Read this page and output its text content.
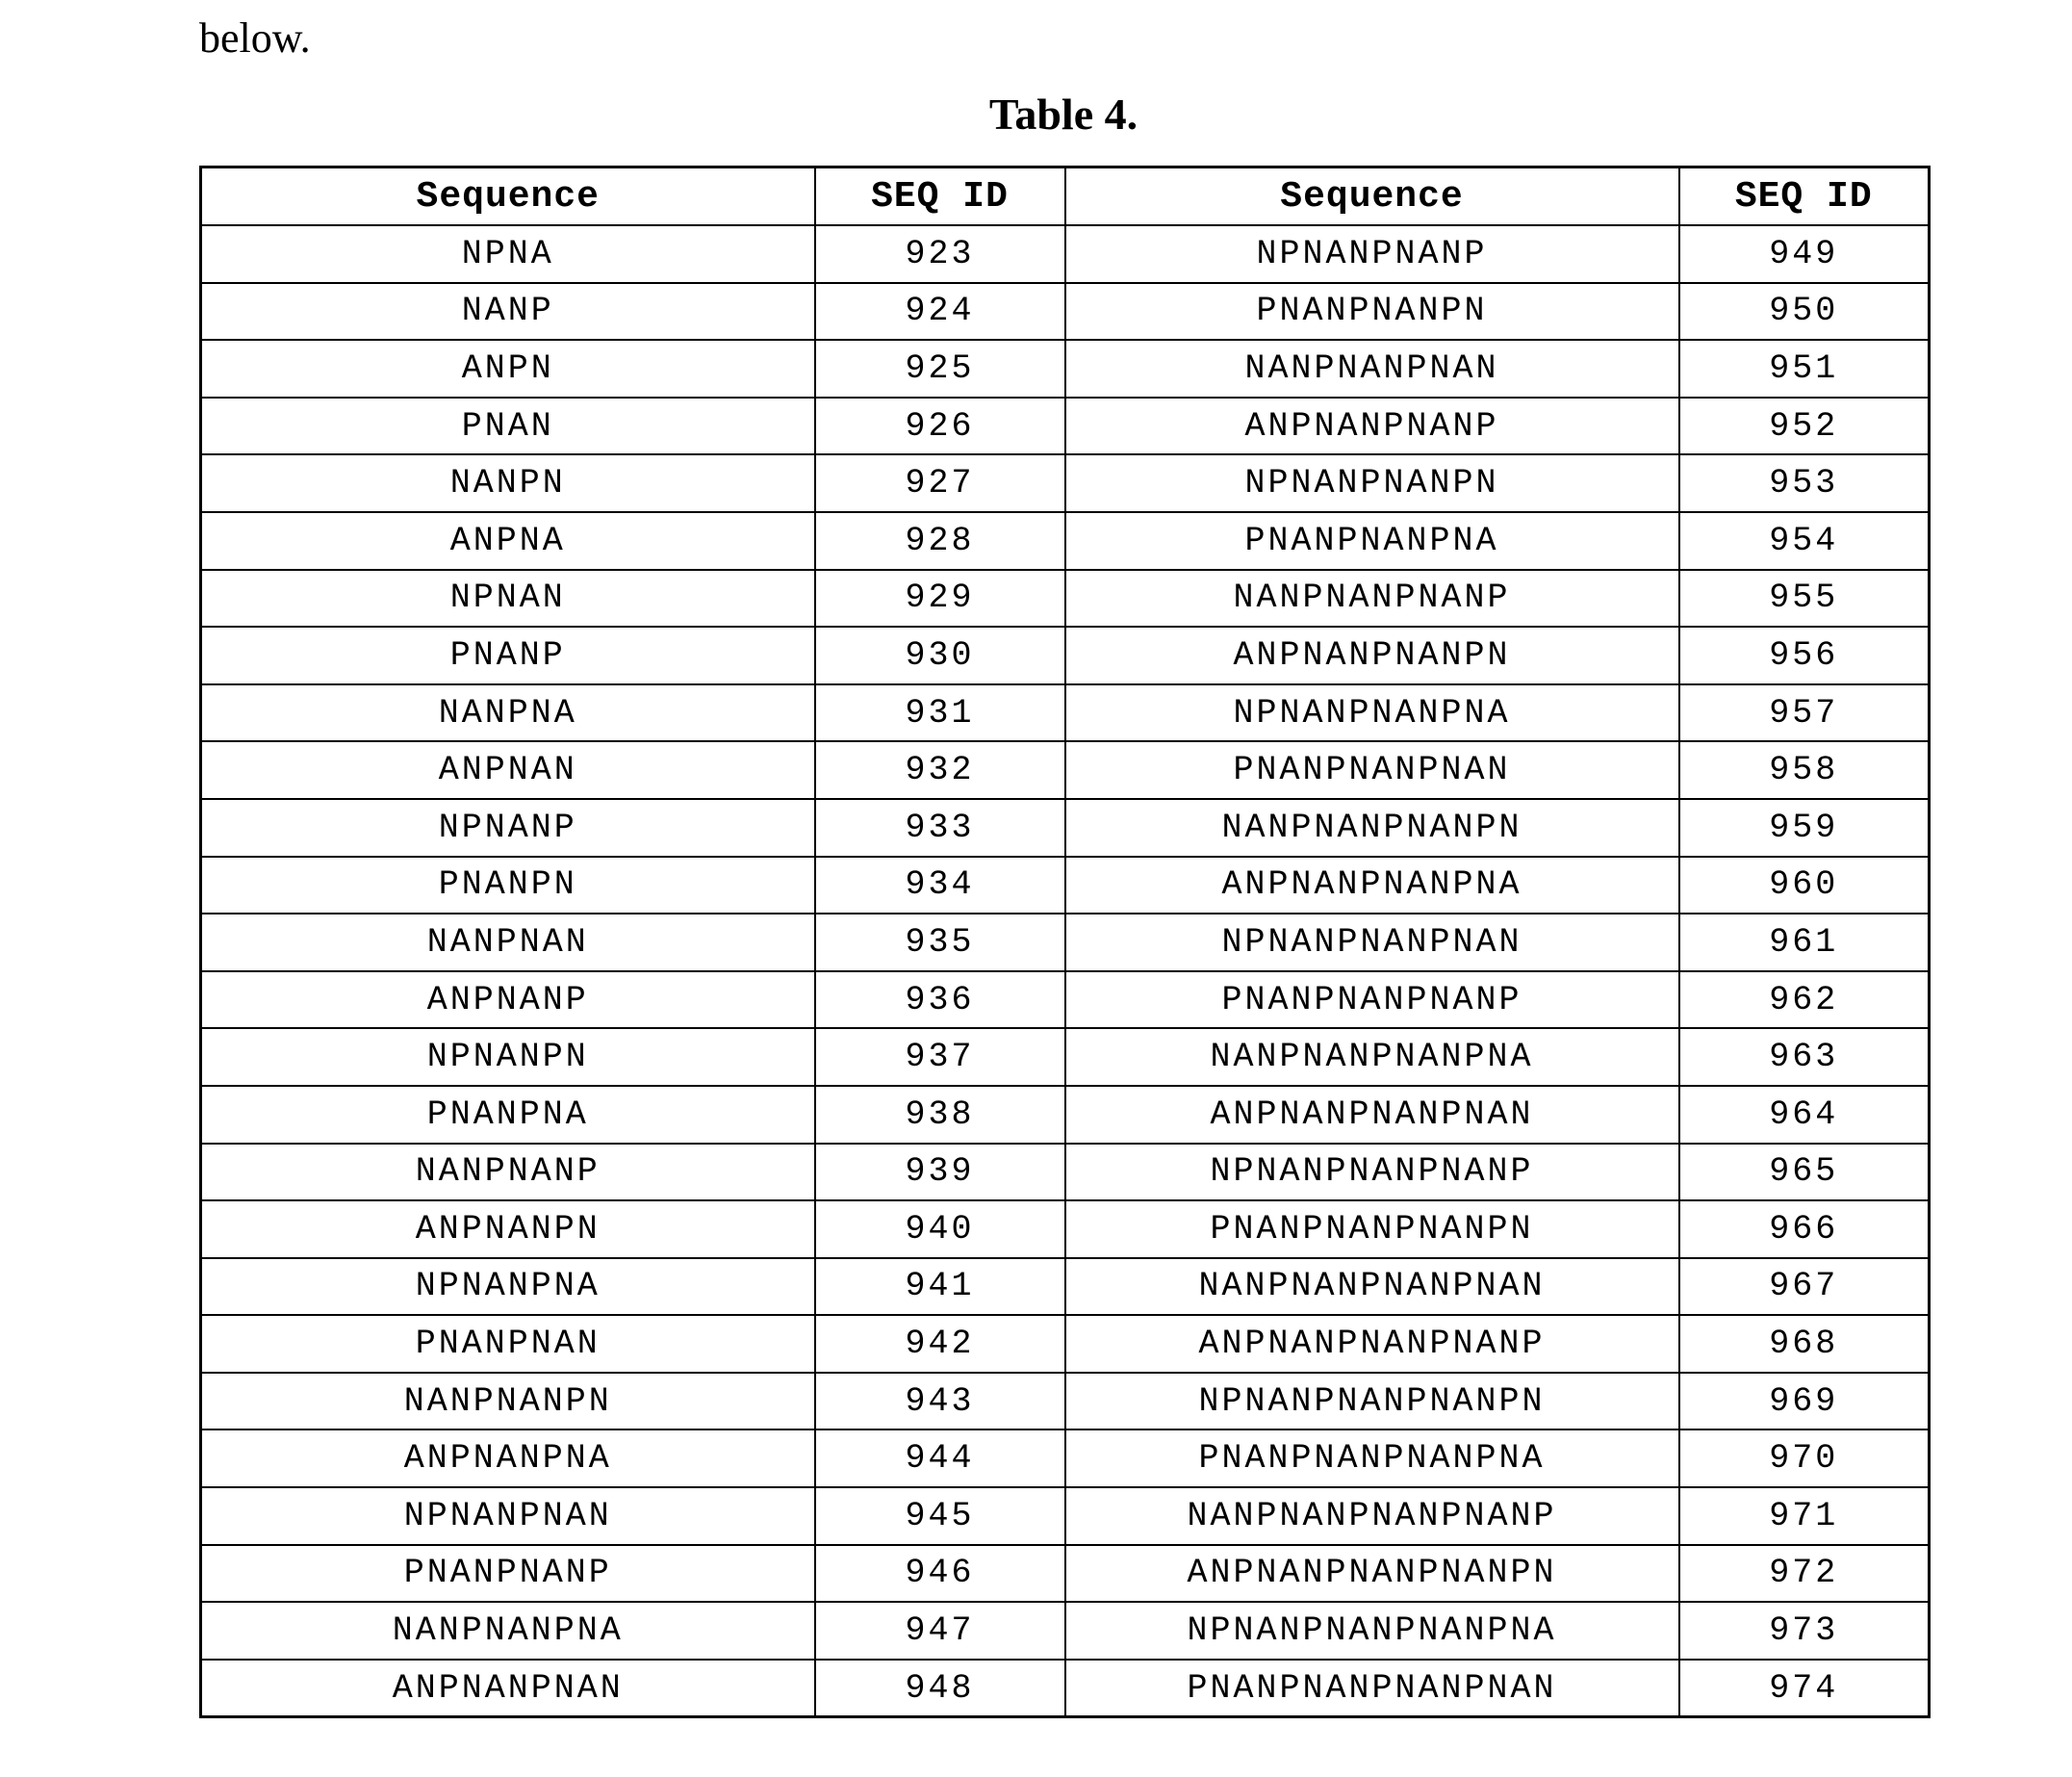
below.
Table 4.
Sequence	SEQ ID	Sequence	SEQ ID
NPNA	923	NPNANPNANP	949
NANP	924	PNANPNANPN	950
ANPN	925	NANPNANPNAN	951
PNAN	926	ANPNANPNANP	952
NANPN	927	NPNANPNANPN	953
ANPNA	928	PNANPNANPNA	954
NPNAN	929	NANPNANPNANP	955
PNANP	930	ANPNANPNANPN	956
NANPNA	931	NPNANPNANPNA	957
ANPNAN	932	PNANPNANPNAN	958
NPNANP	933	NANPNANPNANPN	959
PNANPN	934	ANPNANPNANPNA	960
NANPNAN	935	NPNANPNANPNAN	961
ANPNANP	936	PNANPNANPNANP	962
NPNANPN	937	NANPNANPNANPNA	963
PNANPNA	938	ANPNANPNANPNAN	964
NANPNANP	939	NPNANPNANPNANP	965
ANPNANPN	940	PNANPNANPNANPN	966
NPNANPNA	941	NANPNANPNANPNAN	967
PNANPNAN	942	ANPNANPNANPNANP	968
NANPNANPN	943	NPNANPNANPNANPN	969
ANPNANPNA	944	PNANPNANPNANPNA	970
NPNANPNAN	945	NANPNANPNANPNANP	971
PNANPNANP	946	ANPNANPNANPNANPN	972
NANPNANPNA	947	NPNANPNANPNANPNA	973
ANPNANPNAN	948	PNANPNANPNANPNAN	974
